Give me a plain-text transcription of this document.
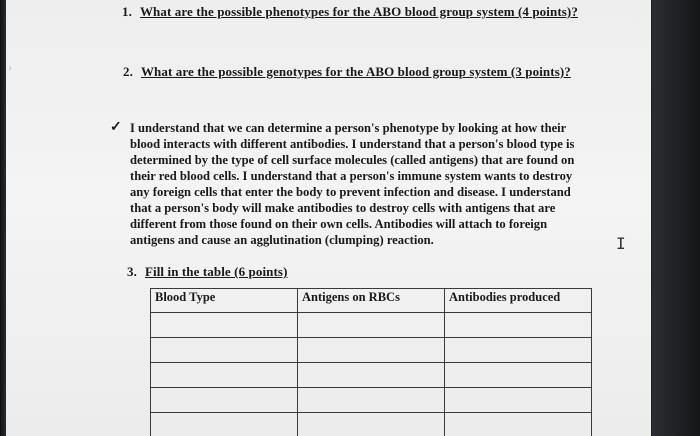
›
1. What are the possible phenotypes for the ABO blood group system (4 points)?
2. What are the possible genotypes for the ABO blood group system (3 points)?
✓ I understand that we can determine a person's phenotype by looking at how their blood interacts with different antibodies. I understand that a person's blood type is determined by the type of cell surface molecules (called antigens) that are found on their red blood cells. I understand that a person's immune system wants to destroy any foreign cells that enter the body to prevent infection and disease. I understand that a person's body will make antibodies to destroy cells with antigens that are different from those found on their own cells. Antibodies will attach to foreign antigens and cause an agglutination (clumping) reaction.	I
3. Fill in the table (6 points)
Blood Type	Antigens on RBCs	Antibodies produced
